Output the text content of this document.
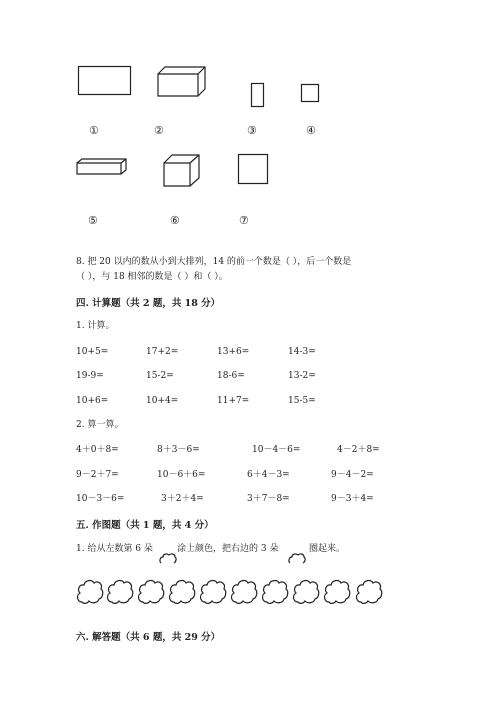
①	②	③	④
⑤	⑥	⑦
8. 把 20 以内的数从小到大排列，14 的前一个数是（ ），后一个数是
（ ），与 18 相邻的数是（ ）和（ ）。
四. 计算题（共 2 题，共 18 分）
1. 计算。
10+5=	17+2=	13+6=	14-3=
19-9=	15-2=	18-6=	13-2=
10+6=	10+4=	11+7=	15-5=
2. 算一算。
4＋0＋8=	8＋3－6=	10－4－6=	4－2＋8=
9－2＋7=	10－6＋6=	6＋4－3=	9－4－2=
10－3－6=	3＋2＋4=	3＋7－8=	9－3＋4=
五. 作图题（共 1 题，共 4 分）
1. 给从左数第 6 朵	涂上颜色，把右边的 3 朵	圈起来。
六. 解答题（共 6 题，共 29 分）
